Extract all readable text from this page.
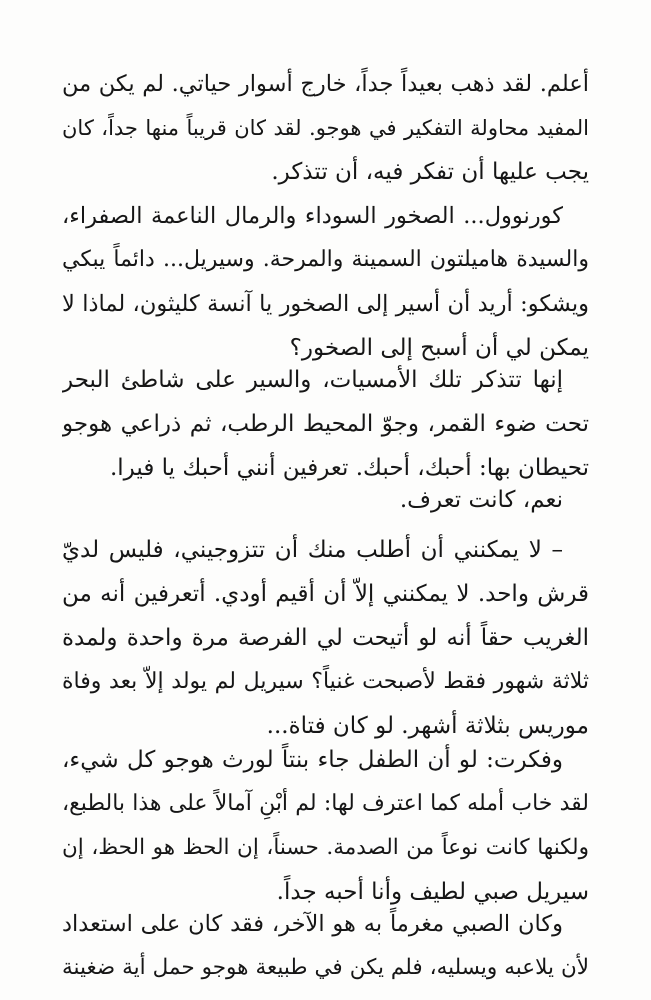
أعلم. لقد ذهب بعيداً جداً، خارج أسوار حياتي. لم يكن من
المفيد محاولة التفكير في هوجو. لقد كان قريباً منها جداً، كان
يجب عليها أن تفكر فيه، أن تتذكر.
كورنوول... الصخور السوداء والرمال الناعمة الصفراء،
والسيدة هاميلتون السمينة والمرحة. وسيريل... دائماً يبكي
ويشكو: أريد أن أسير إلى الصخور يا آنسة كليثون، لماذا لا
يمكن لي أن أسبح إلى الصخور؟
إنها تتذكر تلك الأمسيات، والسير على شاطئ البحر
تحت ضوء القمر، وجوّ المحيط الرطب، ثم ذراعي هوجو
تحيطان بها: أحبك، أحبك. تعرفين أنني أحبك يا فيرا.
نعم، كانت تعرف.
– لا يمكنني أن أطلب منك أن تتزوجيني، فليس لديّ
قرش واحد. لا يمكنني إلاّ أن أقيم أودي. أتعرفين أنه من
الغريب حقاً أنه لو أتيحت لي الفرصة مرة واحدة ولمدة
ثلاثة شهور فقط لأصبحت غنياً؟ سيريل لم يولد إلاّ بعد وفاة
موريس بثلاثة أشهر. لو كان فتاة...
وفكرت: لو أن الطفل جاء بنتاً لورث هوجو كل شيء،
لقد خاب أمله كما اعترف لها: لم أبْنِ آمالاً على هذا بالطبع،
ولكنها كانت نوعاً من الصدمة. حسناً، إن الحظ هو الحظ، إن
سيريل صبي لطيف وأنا أحبه جداً.
وكان الصبي مغرماً به هو الآخر، فقد كان على استعداد
لأن يلاعبه ويسليه، فلم يكن في طبيعة هوجو حمل أية ضغينة
